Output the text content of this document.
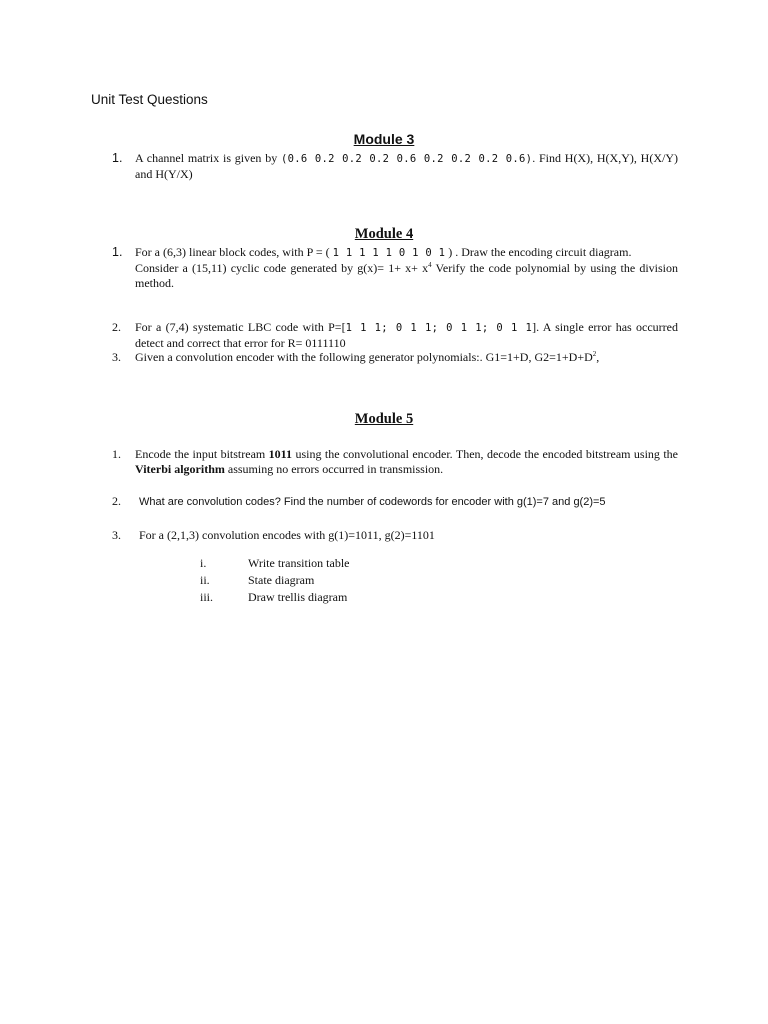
Unit Test Questions
Module 3
1. A channel matrix is given by (0.6 0.2 0.2 0.2 0.6 0.2 0.2 0.2 0.6). Find H(X), H(X,Y), H(X/Y) and H(Y/X)
Module 4
1. For a (6,3) linear block codes, with P = ( 1 1 1 1 1 0 1 0 1 ) . Draw the encoding circuit diagram.
Consider a (15,11) cyclic code generated by $g(x)= 1+ x+ x^4$ Verify the code polynomial by using the division method.
2. For a (7,4) systematic LBC code with P=[1 1 1; 0 1 1; 0 1 1; 0 1 1]. A single error has occurred detect and correct that error for R= 0111110
3. Given a convolution encoder with the following generator polynomials:. G1=1+D, $G2=1+D+D^2$,
Module 5
1. Encode the input bitstream 1011 using the convolutional encoder. Then, decode the encoded bitstream using the Viterbi algorithm assuming no errors occurred in transmission.
2. What are convolution codes? Find the number of codewords for encoder with g(1)=7 and g(2)=5
3. For a (2,1,3) convolution encodes with g(1)=1011, g(2)=1101
i.	Write transition table
ii.	State diagram
iii.	Draw trellis diagram
